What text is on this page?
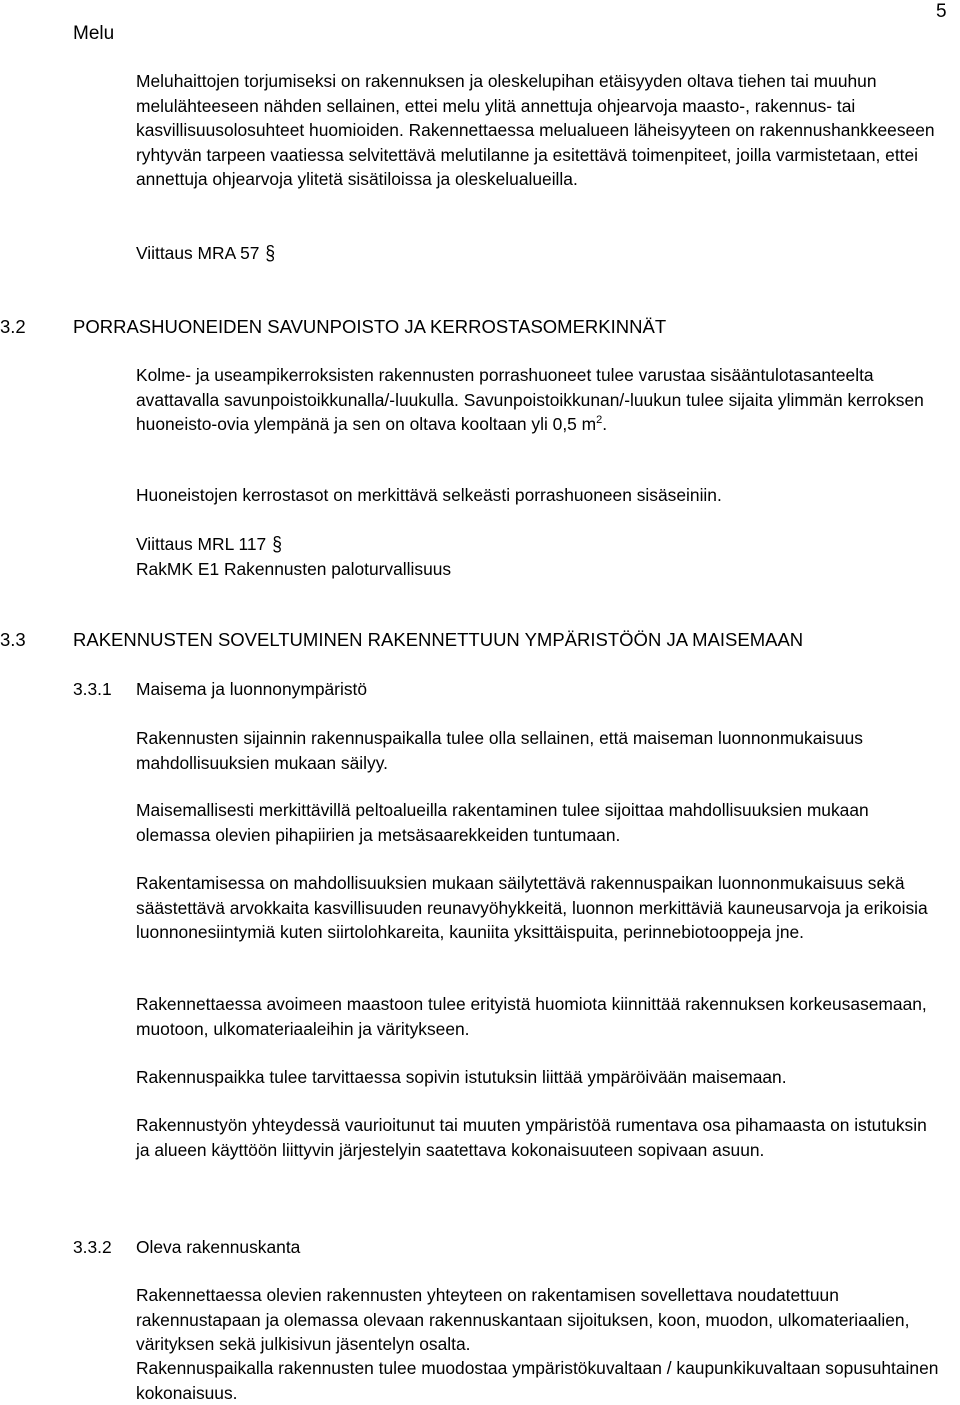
Melu
5

Meluhaittojen torjumiseksi on rakennuksen ja oleskelupihan etäisyyden oltava tiehen tai muuhun melulähteeseen nähden sellainen, ettei melu ylitä annettuja ohjearvoja maasto-, rakennus- tai kasvillisuusolosuhteet huomioiden. Rakennettaessa melualueen läheisyyteen on rakennushankkeeseen ryhtyvän tarpeen vaatiessa selvitettävä melutilanne ja esitettävä toimenpiteet, joilla varmistetaan, ettei annettuja ohjearvoja ylitetä sisätiloissa ja oleskelualueilla.

Viittaus MRA 57 §
3.2	PORRASHUONEIDEN SAVUNPOISTO JA KERROSTASOMERKINNÄT

Kolme- ja useampikerroksisten rakennusten porrashuoneet tulee varustaa sisääntulotasanteelta avattavalla savunpoistoikkunalla/-luukulla. Savunpoistoikkunan/-luukun tulee sijaita ylimmän kerroksen huoneisto-ovia ylempänä ja sen on oltava kooltaan yli 0,5 $m^2$.

Huoneistojen kerrostasot on merkittävä selkeästi porrashuoneen sisäseiniin.

Viittaus MRL 117 §
RakMK E1 Rakennusten paloturvallisuus
3.3	RAKENNUSTEN SOVELTUMINEN RAKENNETTUUN YMPÄRISTÖÖN JA MAISEMAAN
3.3.1 Maisema ja luonnonympäristö

Rakennusten sijainnin rakennuspaikalla tulee olla sellainen, että maiseman luonnonmukaisuus mahdollisuuksien mukaan säilyy.

Maisemallisesti merkittävillä peltoalueilla rakentaminen tulee sijoittaa mahdollisuuksien mukaan olemassa olevien pihapiirien ja metsäsaarekkeiden tuntumaan.

Rakentamisessa on mahdollisuuksien mukaan säilytettävä rakennuspaikan luonnonmukaisuus sekä säästettävä arvokkaita kasvillisuuden reunavyöhykkeitä, luonnon merkittäviä kauneusarvoja ja erikoisia luonnonesiintymiä kuten siirtolohkareita, kauniita yksittäispuita, perinnebiotooppeja jne.

Rakennettaessa avoimeen maastoon tulee erityistä huomiota kiinnittää rakennuksen korkeusasemaan, muotoon, ulkomateriaaleihin ja väritykseen.

Rakennuspaikka tulee tarvittaessa sopivin istutuksin liittää ympäröivään maisemaan.

Rakennustyön yhteydessä vaurioitunut tai muuten ympäristöä rumentava osa pihamaasta on istutuksin ja alueen käyttöön liittyvin järjestelyin saatettava kokonaisuuteen sopivaan asuun.

3.3.2 Oleva rakennuskanta

Rakennettaessa olevien rakennusten yhteyteen on rakentamisen sovellettava noudatettuun rakennustapaan ja olemassa olevaan rakennuskantaan sijoituksen, koon, muodon, ulkomateriaalien, värityksen sekä julkisivun jäsentelyn osalta.

Rakennuspaikalla rakennusten tulee muodostaa ympäristökuvaltaan / kaupunkikuvaltaan sopusuhtainen kokonaisuus.
